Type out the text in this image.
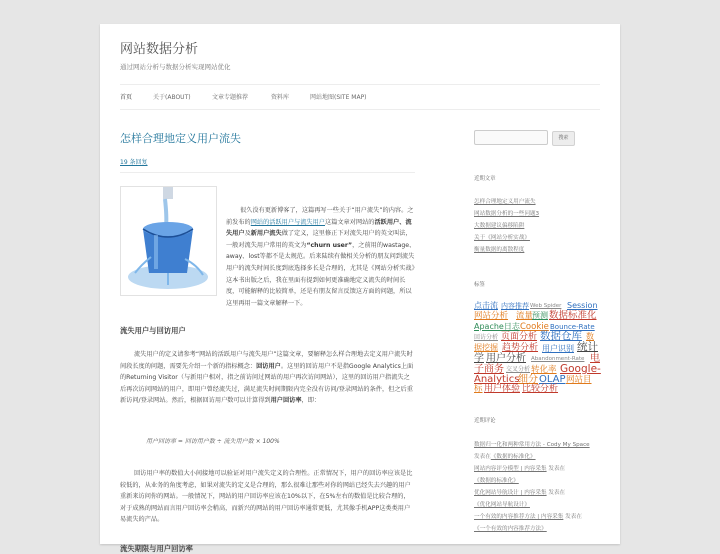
网站数据分析
通过网站分析与数据分析实现网站优化
首页	关于(ABOUT)	文章专题推荐	资料库	网站地图(SITE MAP)
怎样合理地定义用户流失
19 条回复
很久没有更新博客了，这篇再写一些关于“用户流失”的内容。之前发布的网站的活跃用户与流失用户这篇文章对网站的活跃用户、流失用户及新用户流失做了定义，这里修正下对流失用户的英文叫法，一般对流失用户常用的英文为“churn user”，之前用的wastage、away、lost等都不是太规范。后来陆续有做相关分析的朋友问到流失用户的流失时间长度到底选择多长是合理的，尤其是《网站分析实战》这本书出版之后，我在里面有提到如何更准确地定义流失的时间长度，可能解释的比较简单，还是有朋友留言反馈这方面的问题，所以这里再用一篇文章解释一下。
流失用户与回访用户
流失用户的定义请参考“网站的活跃用户与流失用户”这篇文章，要解释怎么样合理地去定义用户流失时间段长度的问题，需要先介绍一个新的指标概念：回访用户。这里的回访用户不是指Google Analytics上面的Returning Visitor（与新用户相对，指之前访问过网站的用户再次访问网站），这里的回访用户指流失之后再次访问网站的用户，即用户曾经流失过，满足流失时间期限内完全没有访问/登录网站的条件，但之后重新访问/登录网站。然后，根据回访用户数可以计算得到用户回访率，即：
用户回访率 = 回访用户数 ÷ 流失用户数 × 100%
回访用户率的数值大小间接地可以验证对用户流失定义的合理性。正常情况下，用户的回访率应该是比较低的，从业务的角度考虑，如果对流失的定义是合理的，那么很难让那些对你的网站已经失去兴趣的用户重新来访问你的网站。一般情况下，网站的用户回访率应该在10%以下，在5%左右的数值是比较合理的，对于成熟的网站而言用户回访率会稍高，而新兴的网站的用户回访率通常更低，尤其像手机APP这类类用户易流失的产品。
流失期限与用户回访率
搜索
近期文章
怎样合理地定义用户流失
网站数据分析的一些问题3
大数据建议偏移陷阱
关于《网站分析实战》
衡量数据的离散程度
标签
点击流 内容推荐 Web Spider Session
网站分析 流量
预测 数据标准化
Apache日志 Cookie Bounce-Rate
回访分析 页面分析 数据仓库 数
据挖掘 趋势分析 用户识别 统计
学 用户分析 Abandonment-Rate 电
子商务 交叉分析 转化率 Google-
Analytics
细分 OLAP 网站目
标 用户体验 比较分析
近期评论
数据归一化和两种常用方法 - Cody My Space
发表在《数据的标准化》
网站内容评分模型 | 内容采集 发表在
《数据的标准化》
优化网站导航设计 | 内容采集 发表在
《优化网站导航设计》
一个有效的内容推荐方法 | 内容采集 发表在
《一个有效的内容推荐方法》
